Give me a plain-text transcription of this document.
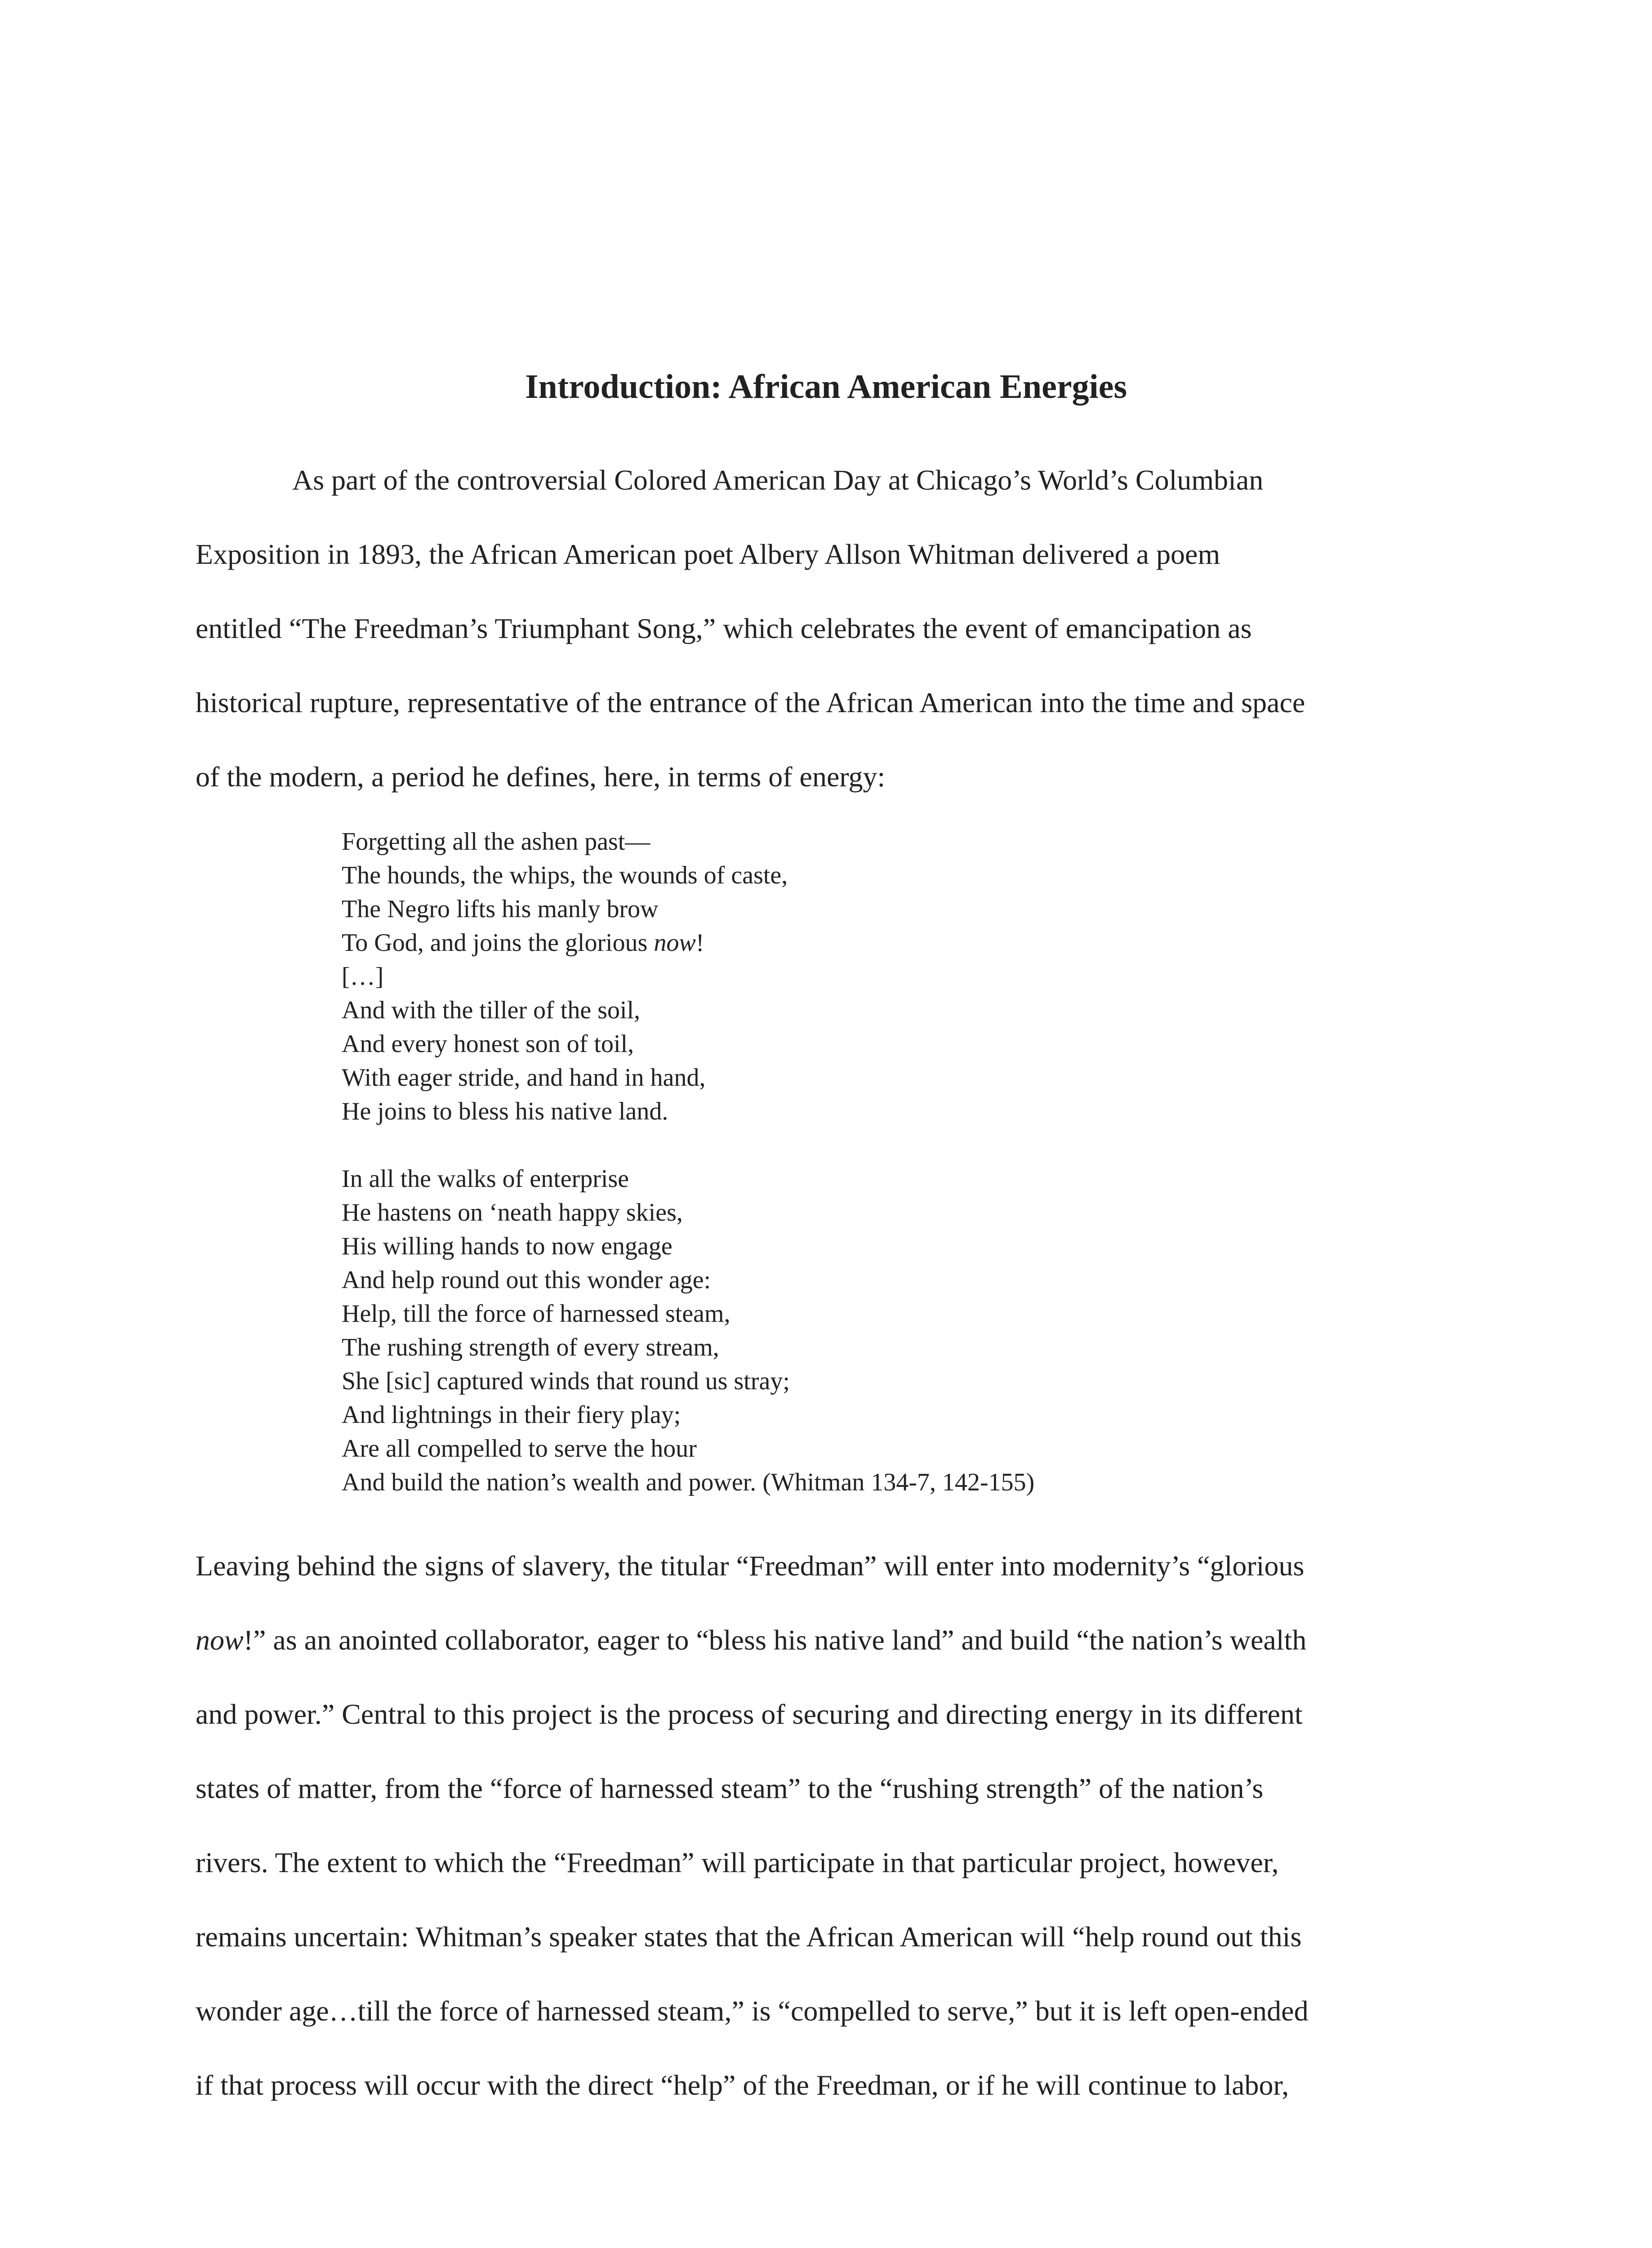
Introduction: African American Energies
As part of the controversial Colored American Day at Chicago’s World’s Columbian
Exposition in 1893, the African American poet Albery Allson Whitman delivered a poem
entitled “The Freedman’s Triumphant Song,” which celebrates the event of emancipation as
historical rupture, representative of the entrance of the African American into the time and space
of the modern, a period he defines, here, in terms of energy:
Forgetting all the ashen past—
The hounds, the whips, the wounds of caste,
The Negro lifts his manly brow
To God, and joins the glorious now!
[…]
And with the tiller of the soil,
And every honest son of toil,
With eager stride, and hand in hand,
He joins to bless his native land.
In all the walks of enterprise
He hastens on ‘neath happy skies,
His willing hands to now engage
And help round out this wonder age:
Help, till the force of harnessed steam,
The rushing strength of every stream,
She [sic] captured winds that round us stray;
And lightnings in their fiery play;
Are all compelled to serve the hour
And build the nation’s wealth and power. (Whitman 134-7, 142-155)
Leaving behind the signs of slavery, the titular “Freedman” will enter into modernity’s “glorious
now!” as an anointed collaborator, eager to “bless his native land” and build “the nation’s wealth
and power.” Central to this project is the process of securing and directing energy in its different
states of matter, from the “force of harnessed steam” to the “rushing strength” of the nation’s
rivers. The extent to which the “Freedman” will participate in that particular project, however,
remains uncertain: Whitman’s speaker states that the African American will “help round out this
wonder age…till the force of harnessed steam,” is “compelled to serve,” but it is left open-ended
if that process will occur with the direct “help” of the Freedman, or if he will continue to labor,
